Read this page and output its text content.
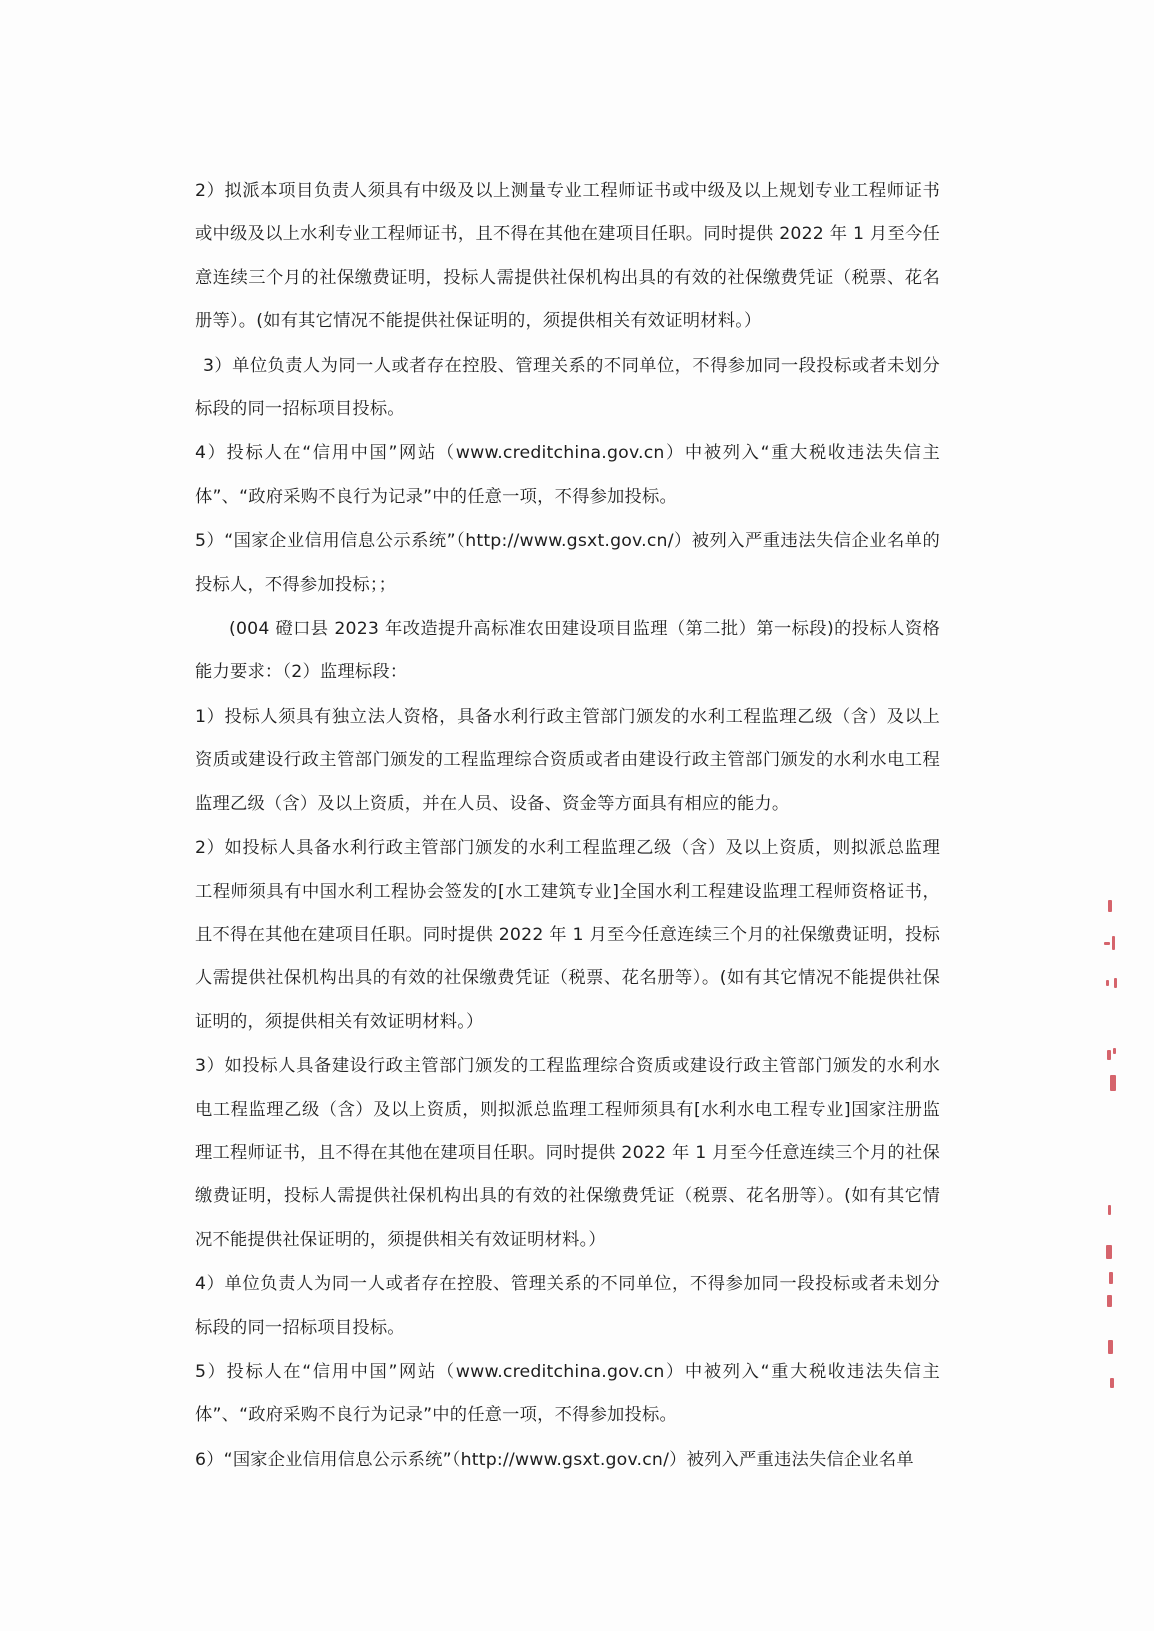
2）拟派本项目负责人须具有中级及以上测量专业工程师证书或中级及以上规划专业工程师证书或中级及以上水利专业工程师证书，且不得在其他在建项目任职。同时提供 2022 年 1 月至今任意连续三个月的社保缴费证明，投标人需提供社保机构出具的有效的社保缴费凭证（税票、花名册等）。(如有其它情况不能提供社保证明的，须提供相关有效证明材料。）

3）单位负责人为同一人或者存在控股、管理关系的不同单位，不得参加同一段投标或者未划分标段的同一招标项目投标。

4）投标人在“信用中国”网站（www.creditchina.gov.cn）中被列入“重大税收违法失信主体”、“政府采购不良行为记录”中的任意一项，不得参加投标。

5）“国家企业信用信息公示系统”（http://www.gsxt.gov.cn/）被列入严重违法失信企业名单的投标人，不得参加投标；；

(004 磴口县 2023 年改造提升高标准农田建设项目监理（第二批）第一标段)的投标人资格能力要求：（2）监理标段：

1）投标人须具有独立法人资格，具备水利行政主管部门颁发的水利工程监理乙级（含）及以上资质或建设行政主管部门颁发的工程监理综合资质或者由建设行政主管部门颁发的水利水电工程监理乙级（含）及以上资质，并在人员、设备、资金等方面具有相应的能力。

2）如投标人具备水利行政主管部门颁发的水利工程监理乙级（含）及以上资质，则拟派总监理工程师须具有中国水利工程协会签发的[水工建筑专业]全国水利工程建设监理工程师资格证书，且不得在其他在建项目任职。同时提供 2022 年 1 月至今任意连续三个月的社保缴费证明，投标人需提供社保机构出具的有效的社保缴费凭证（税票、花名册等）。(如有其它情况不能提供社保证明的，须提供相关有效证明材料。）

3）如投标人具备建设行政主管部门颁发的工程监理综合资质或建设行政主管部门颁发的水利水电工程监理乙级（含）及以上资质，则拟派总监理工程师须具有[水利水电工程专业]国家注册监理工程师证书，且不得在其他在建项目任职。同时提供 2022 年 1 月至今任意连续三个月的社保缴费证明，投标人需提供社保机构出具的有效的社保缴费凭证（税票、花名册等）。(如有其它情况不能提供社保证明的，须提供相关有效证明材料。）

4）单位负责人为同一人或者存在控股、管理关系的不同单位，不得参加同一段投标或者未划分标段的同一招标项目投标。

5）投标人在“信用中国”网站（www.creditchina.gov.cn）中被列入“重大税收违法失信主体”、“政府采购不良行为记录”中的任意一项，不得参加投标。

6）“国家企业信用信息公示系统”（http://www.gsxt.gov.cn/）被列入严重违法失信企业名单
